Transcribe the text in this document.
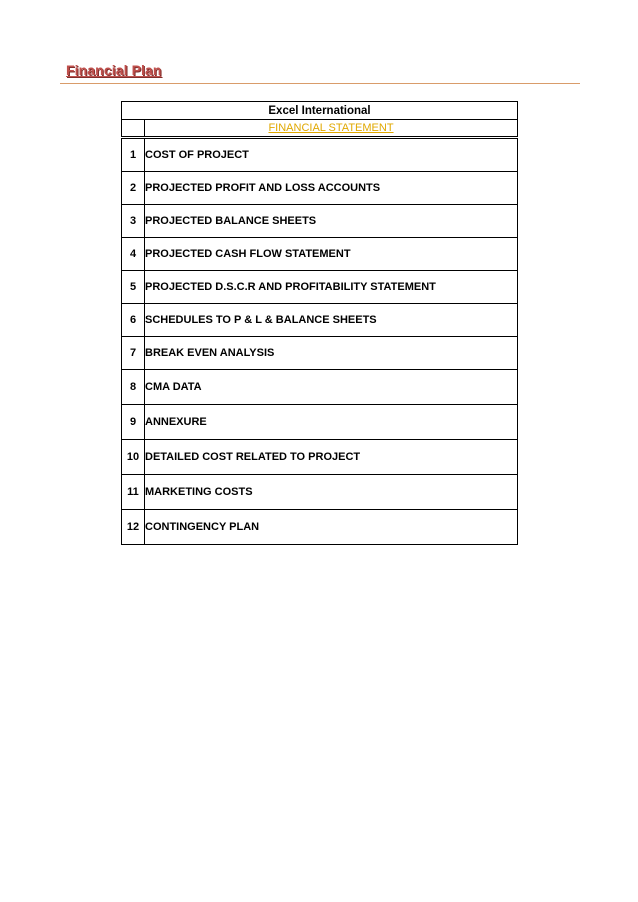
Financial Plan
Excel International	
	FINANCIAL STATEMENT
1	COST OF PROJECT
2	PROJECTED PROFIT AND LOSS ACCOUNTS
3	PROJECTED BALANCE SHEETS
4	PROJECTED CASH FLOW STATEMENT
5	PROJECTED D.S.C.R AND PROFITABILITY STATEMENT
6	SCHEDULES TO P & L & BALANCE SHEETS
7	BREAK EVEN ANALYSIS
8	CMA DATA
9	ANNEXURE
10	DETAILED COST RELATED TO PROJECT
11	MARKETING COSTS
12	CONTINGENCY PLAN
